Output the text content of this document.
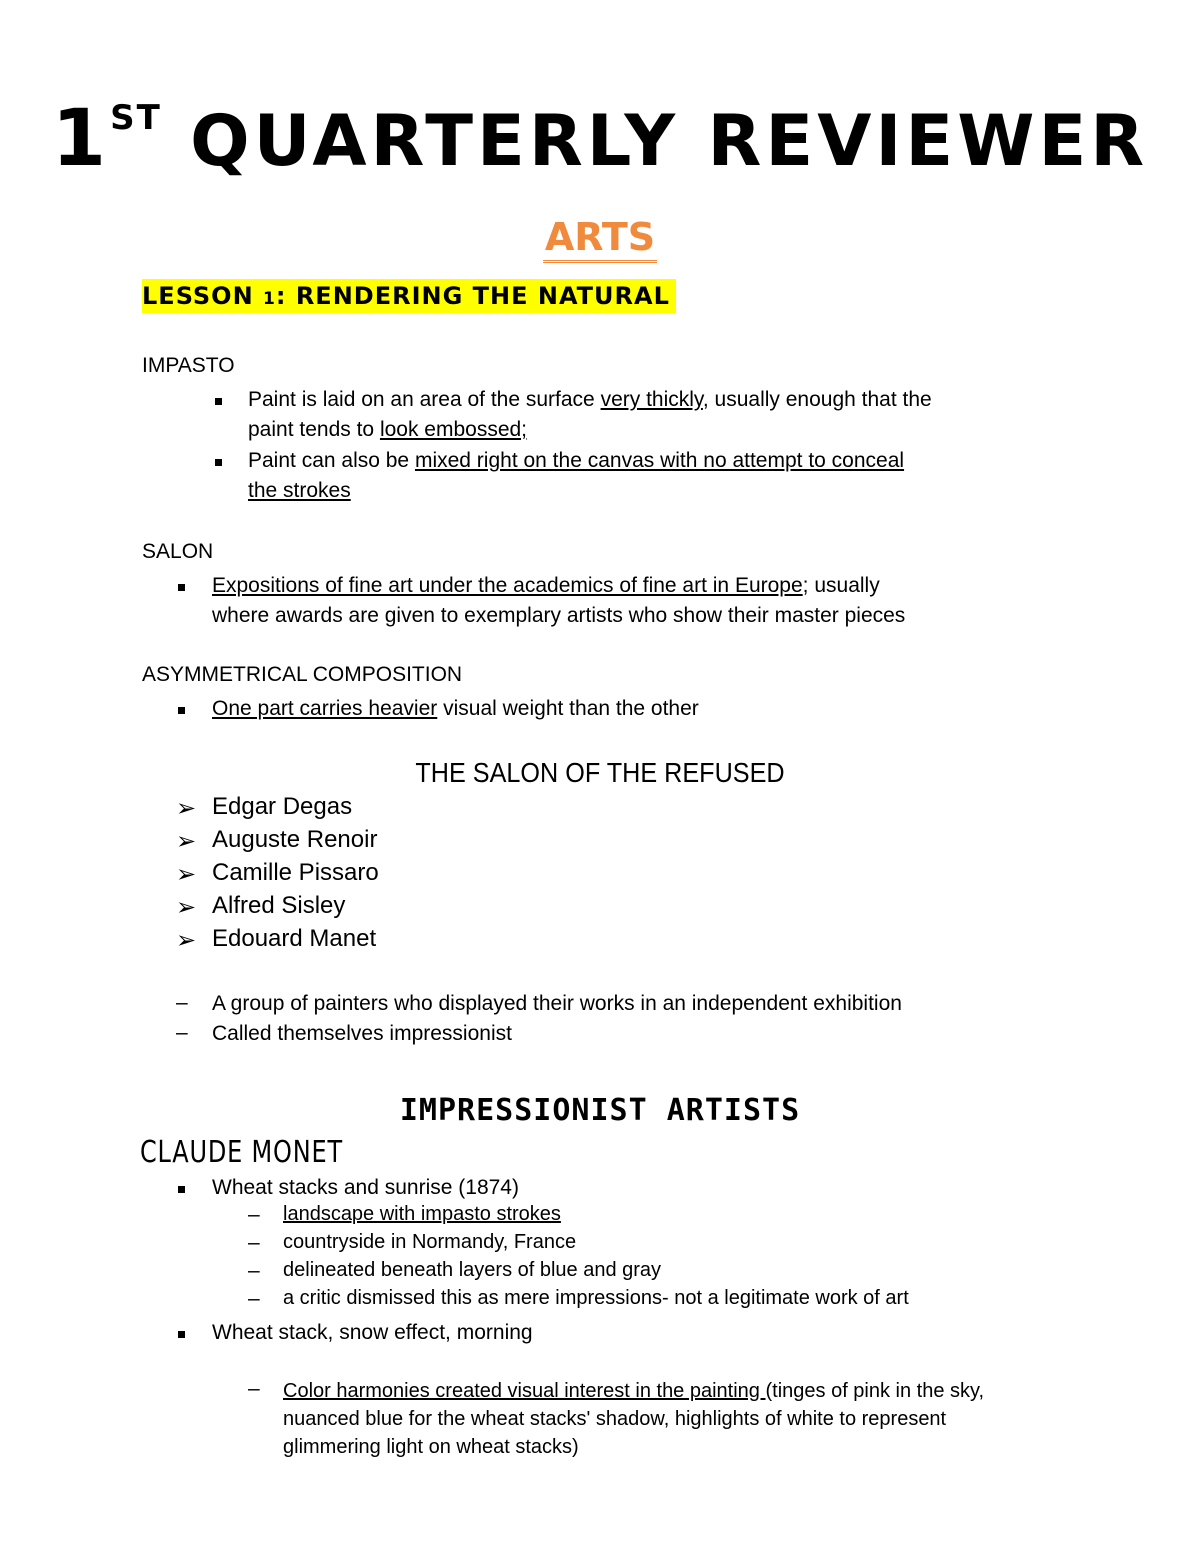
1ST QUARTERLY REVIEWER
ARTS
LESSON 1: RENDERING THE NATURAL
IMPASTO
Paint is laid on an area of the surface very thickly, usually enough that the
paint tends to look embossed;
Paint can also be mixed right on the canvas with no attempt to conceal
the strokes
SALON
Expositions of fine art under the academics of fine art in Europe; usually
where awards are given to exemplary artists who show their master pieces
ASYMMETRICAL COMPOSITION
One part carries heavier visual weight than the other
THE SALON OF THE REFUSED
➢ Edgar Degas
➢ Auguste Renoir
➢ Camille Pissaro
➢ Alfred Sisley
➢ Edouard Manet
– A group of painters who displayed their works in an independent exhibition
– Called themselves impressionist
IMPRESSIONIST ARTISTS
CLAUDE MONET
Wheat stacks and sunrise (1874)
– landscape with impasto strokes
– countryside in Normandy, France
– delineated beneath layers of blue and gray
– a critic dismissed this as mere impressions- not a legitimate work of art
Wheat stack, snow effect, morning
– Color harmonies created visual interest in the painting (tinges of pink in the sky,
nuanced blue for the wheat stacks' shadow, highlights of white to represent
glimmering light on wheat stacks)
